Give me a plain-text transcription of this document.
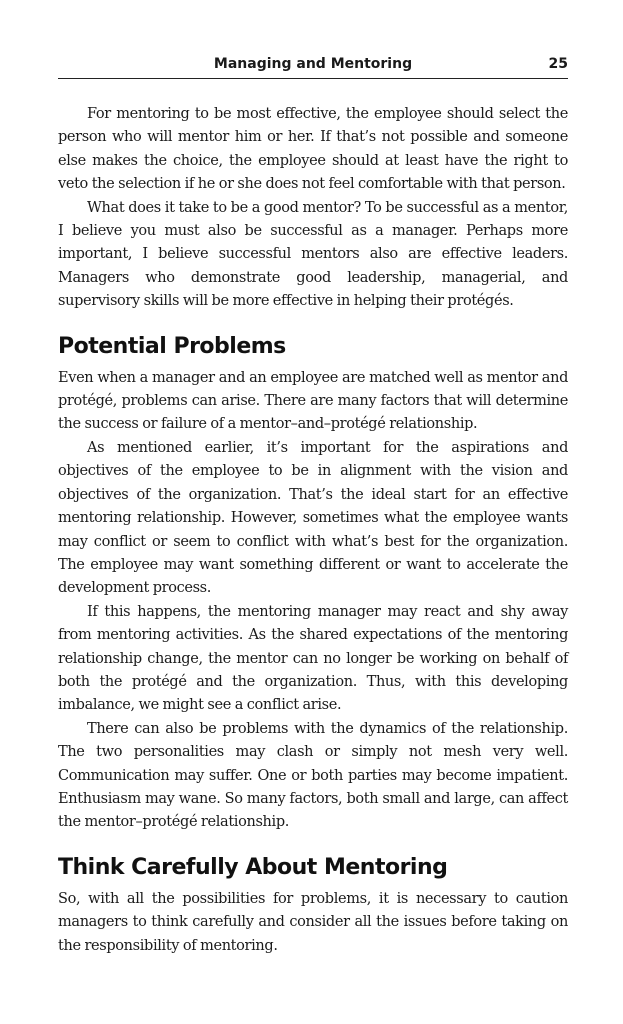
Managing and Mentoring	25

For mentoring to be most effective, the employee should select the person who will mentor him or her. If that’s not possible and someone else makes the choice, the employee should at least have the right to veto the selection if he or she does not feel comfortable with that person.

What does it take to be a good mentor? To be successful as a mentor, I believe you must also be successful as a manager. Perhaps more important, I believe successful mentors also are effective leaders. Managers who demonstrate good leadership, managerial, and supervisory skills will be more effective in helping their protégés.

Potential Problems

Even when a manager and an employee are matched well as mentor and protégé, problems can arise. There are many factors that will determine the success or failure of a mentor–and–protégé relationship.

As mentioned earlier, it’s important for the aspirations and objectives of the employee to be in alignment with the vision and objectives of the organization. That’s the ideal start for an effective mentoring relationship. However, sometimes what the employee wants may conflict or seem to conflict with what’s best for the organization. The employee may want something different or want to accelerate the development process.

If this happens, the mentoring manager may react and shy away from mentoring activities. As the shared expectations of the mentoring relationship change, the mentor can no longer be working on behalf of both the protégé and the organization. Thus, with this developing imbalance, we might see a conflict arise.

There can also be problems with the dynamics of the relationship. The two personalities may clash or simply not mesh very well. Communication may suffer. One or both parties may become impatient. Enthusiasm may wane. So many factors, both small and large, can affect the mentor–protégé relationship.

Think Carefully About Mentoring

So, with all the possibilities for problems, it is necessary to caution managers to think carefully and consider all the issues before taking on the responsibility of mentoring.
